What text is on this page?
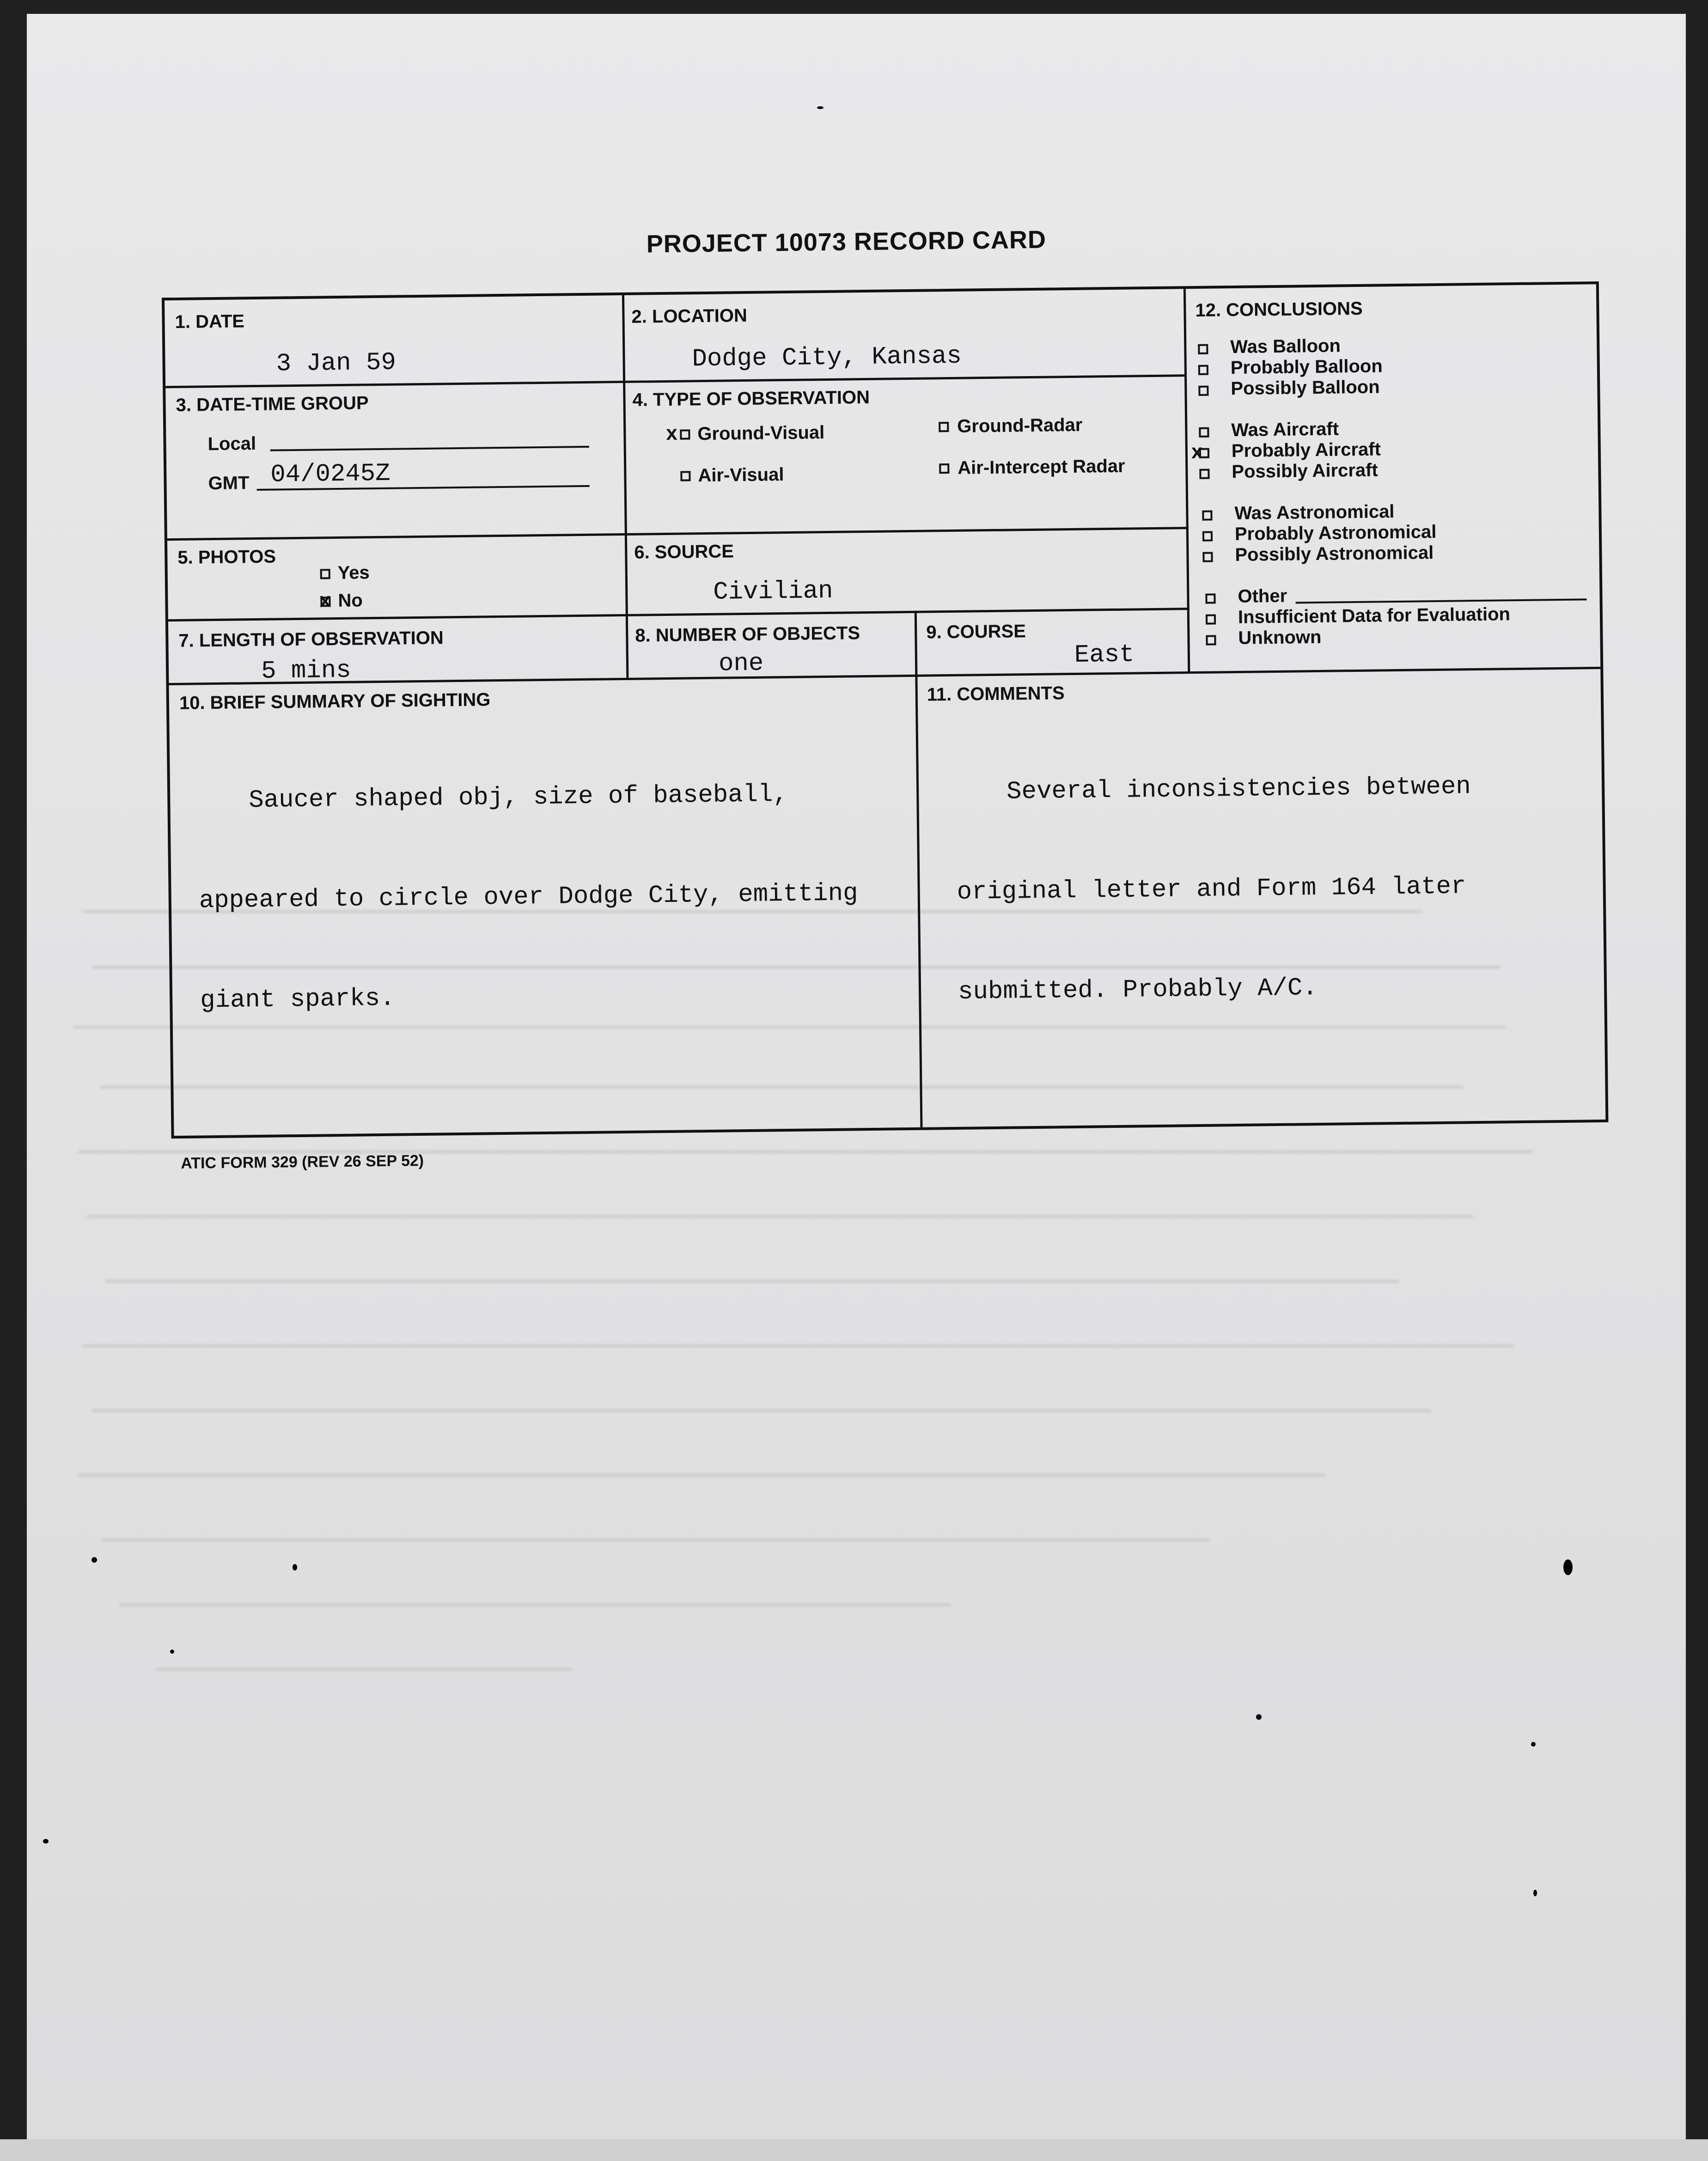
PROJECT 10073 RECORD CARD
1. DATE
3 Jan 59
2. LOCATION
Dodge City, Kansas
3. DATE-TIME GROUP
Local
GMT 04/0245Z
4. TYPE OF OBSERVATION
x Ground-Visual	Ground-Radar
Air-Visual	Air-Intercept Radar
5. PHOTOS
Yes
x No
6. SOURCE
Civilian
7. LENGTH OF OBSERVATION
5 mins
8. NUMBER OF OBJECTS
one
9. COURSE
East
10. BRIEF SUMMARY OF SIGHTING

Saucer shaped obj, size of baseball,

appeared to circle over Dodge City, emitting

giant sparks.

11. COMMENTS

Several inconsistencies between

original letter and Form 164 later

submitted. Probably A/C.

12. CONCLUSIONS
Was Balloon
Probably Balloon
Possibly Balloon
Was Aircraft
x Probably Aircraft
Possibly Aircraft
Was Astronomical
Probably Astronomical
Possibly Astronomical
Other
Insufficient Data for Evaluation
Unknown
ATIC FORM 329 (REV 26 SEP 52)
